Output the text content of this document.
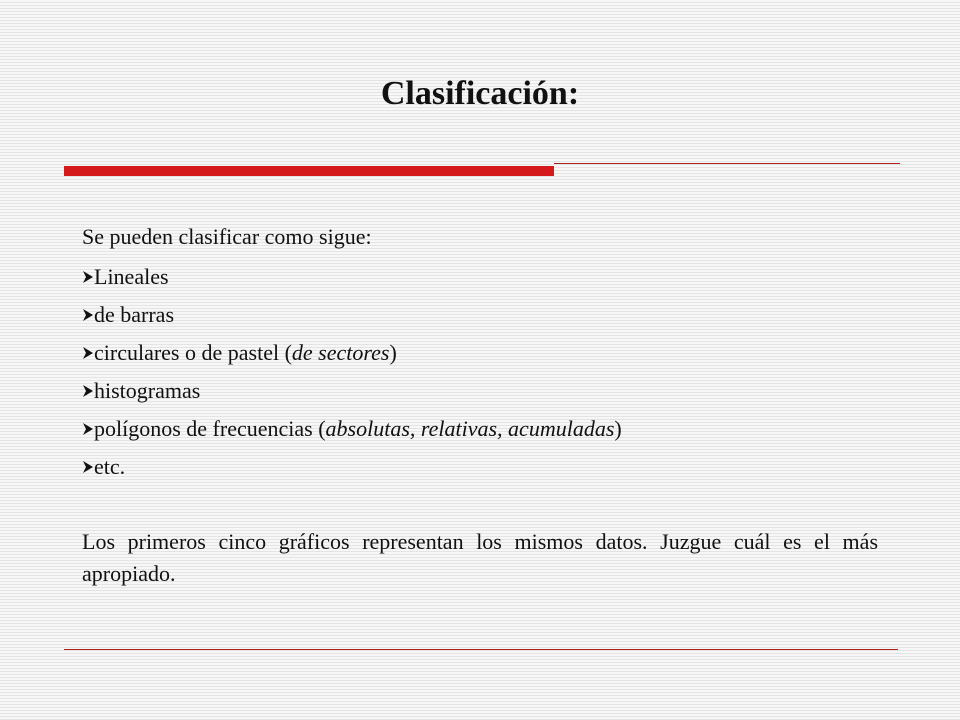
Clasificación:
Se pueden clasificar como sigue:
Lineales
de barras
circulares o de pastel (de sectores)
histogramas
polígonos de frecuencias (absolutas, relativas, acumuladas)
etc.
Los primeros cinco gráficos representan los mismos datos. Juzgue cuál es el más apropiado.
